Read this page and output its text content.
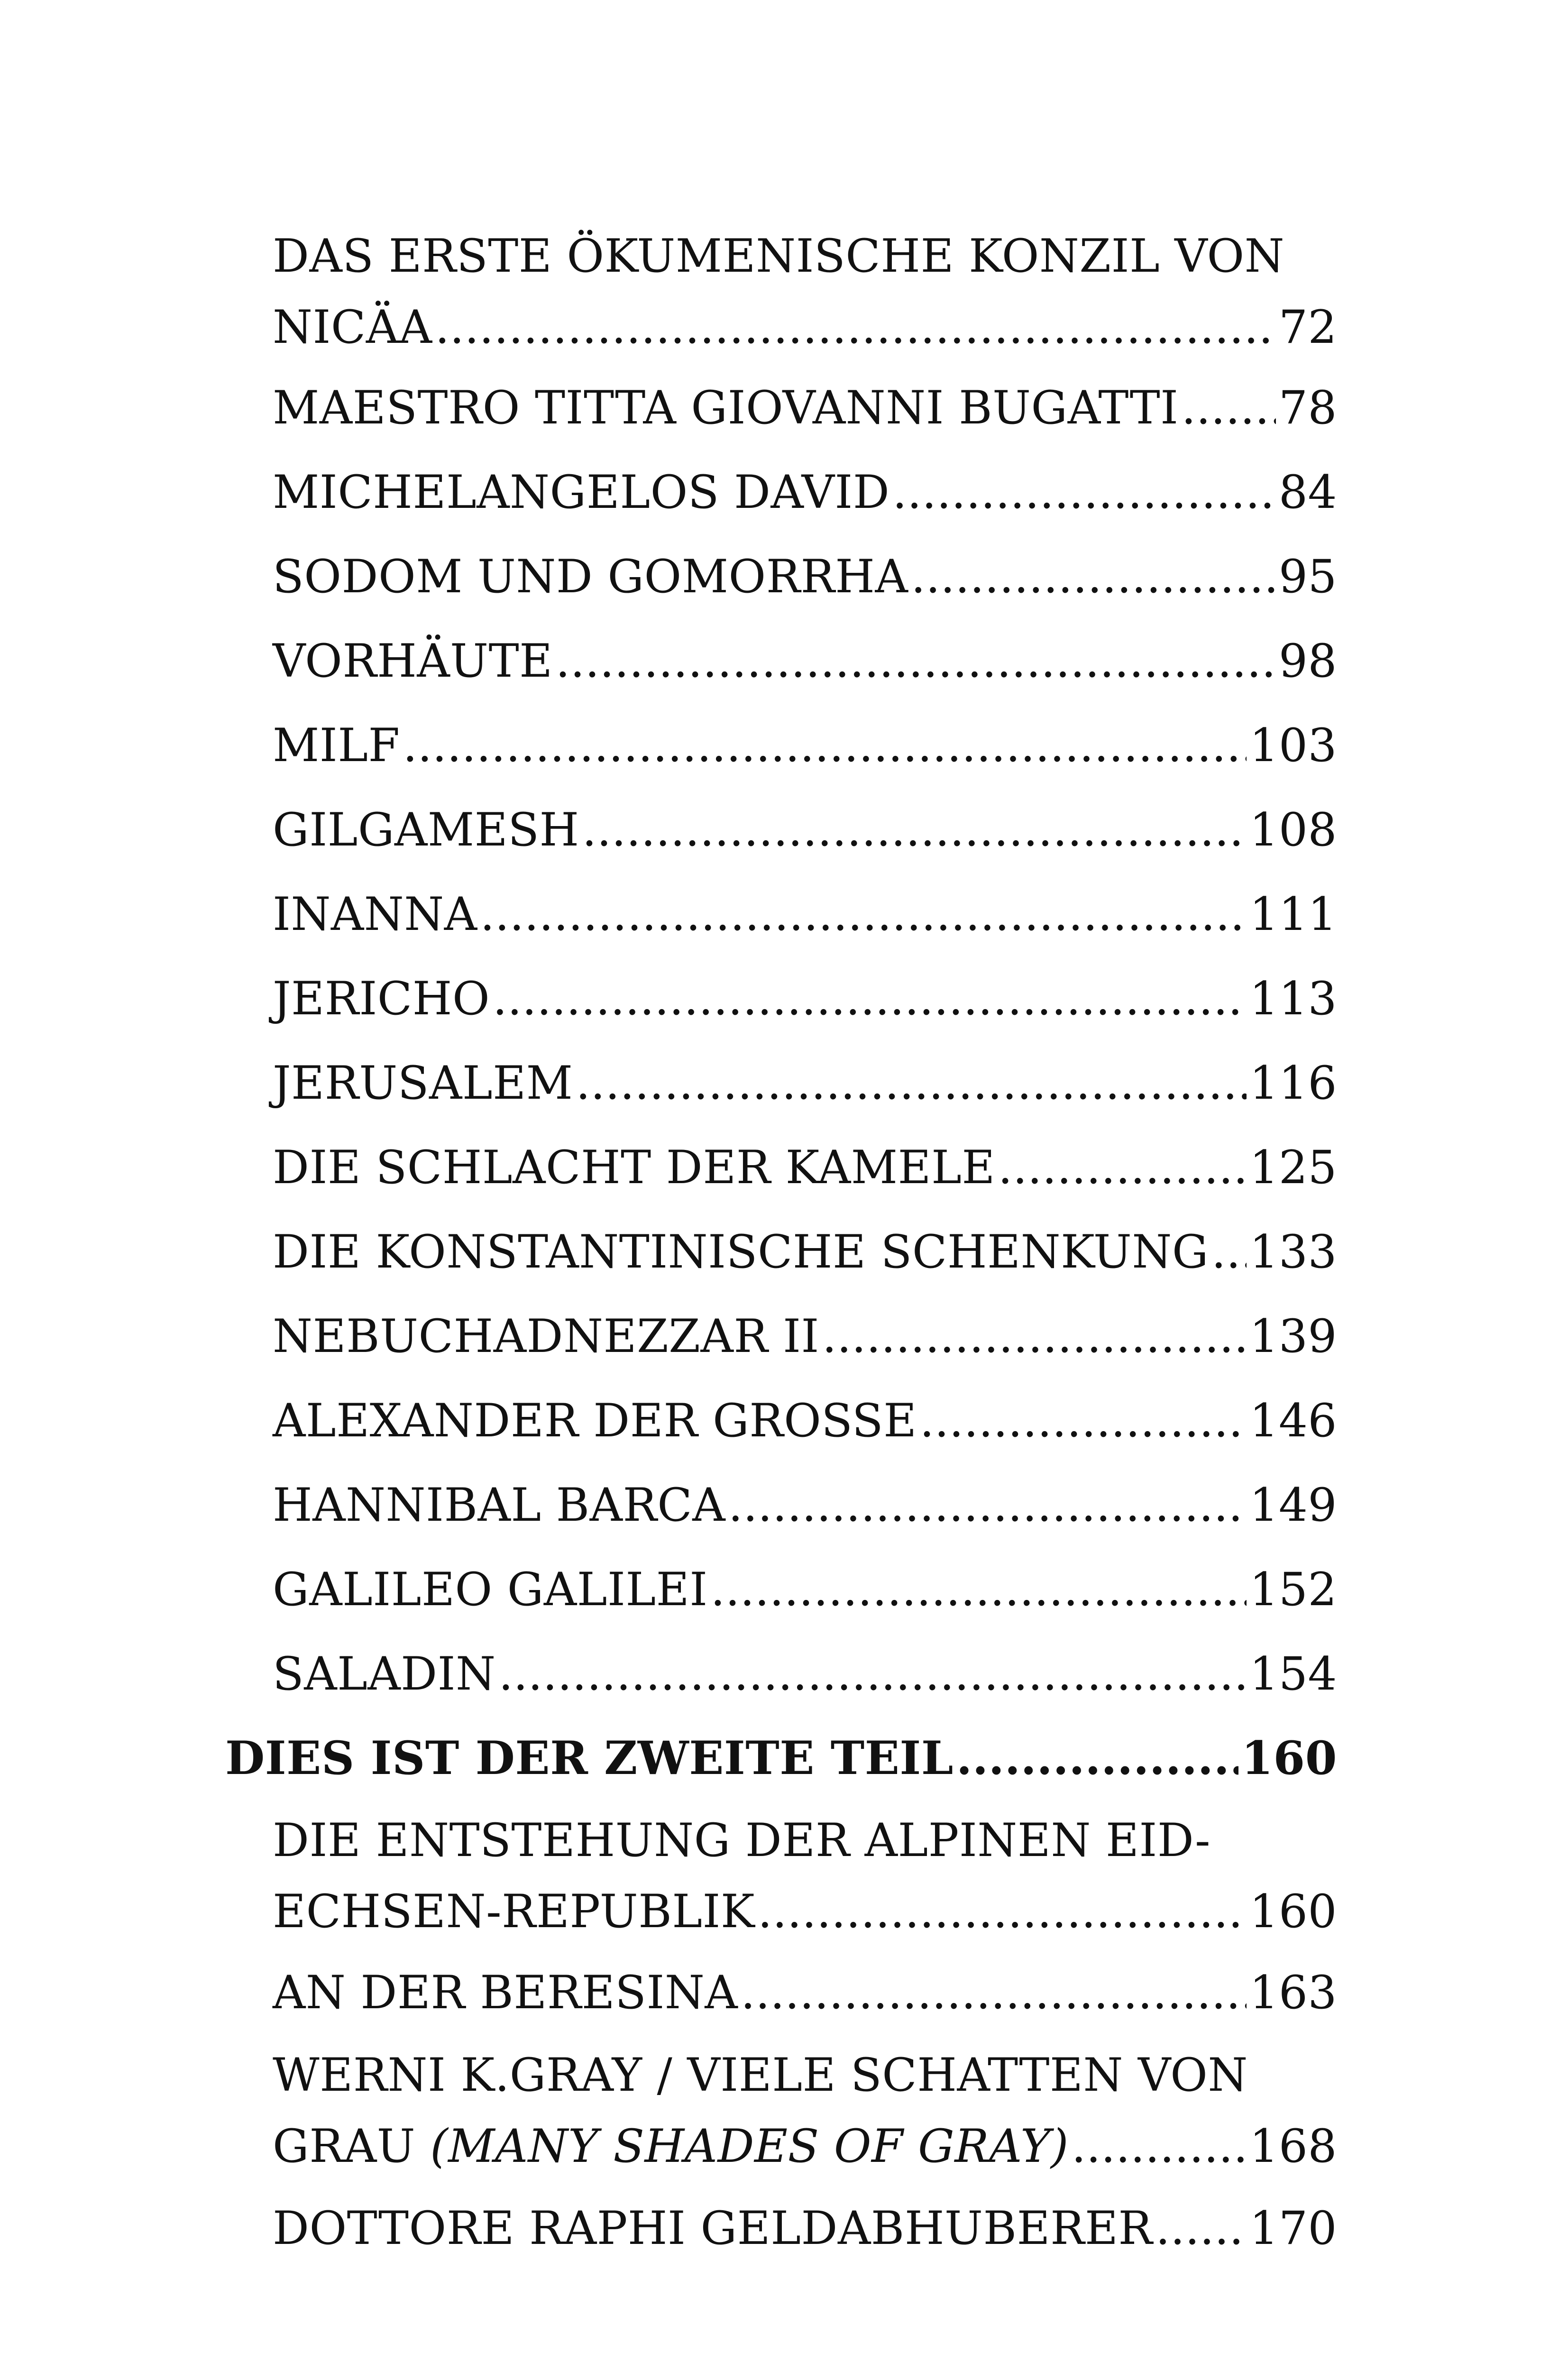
DAS ERSTE ÖKUMENISCHE KONZIL VON
NICÄA .....	72
MAESTRO TITTA GIOVANNI BUGATTI ..... 78
MICHELANGELOS DAVID .....	84
SODOM UND GOMORRHA .....	95
VORHÄUTE .....	98
MILF .....	103
GILGAMESH .....	108
INANNA .....	111
JERICHO .....	113
JERUSALEM .....	116
DIE SCHLACHT DER KAMELE .....	125
DIE KONSTANTINISCHE SCHENKUNG ..... 133
NEBUCHADNEZZAR II .....	139
ALEXANDER DER GROSSE .....	146
HANNIBAL BARCA .....	149
GALILEO GALILEI .....	152
SALADIN .....	154
DIES IST DER ZWEITE TEIL .....	160
DIE ENTSTEHUNG DER ALPINEN EID-
ECHSEN-REPUBLIK .....	160
AN DER BERESINA .....	163
WERNI K.GRAY / VIELE SCHATTEN VON
GRAU (MANY SHADES OF GRAY) .....	168
DOTTORE RAPHI GELDABHUBERER ..... 170
